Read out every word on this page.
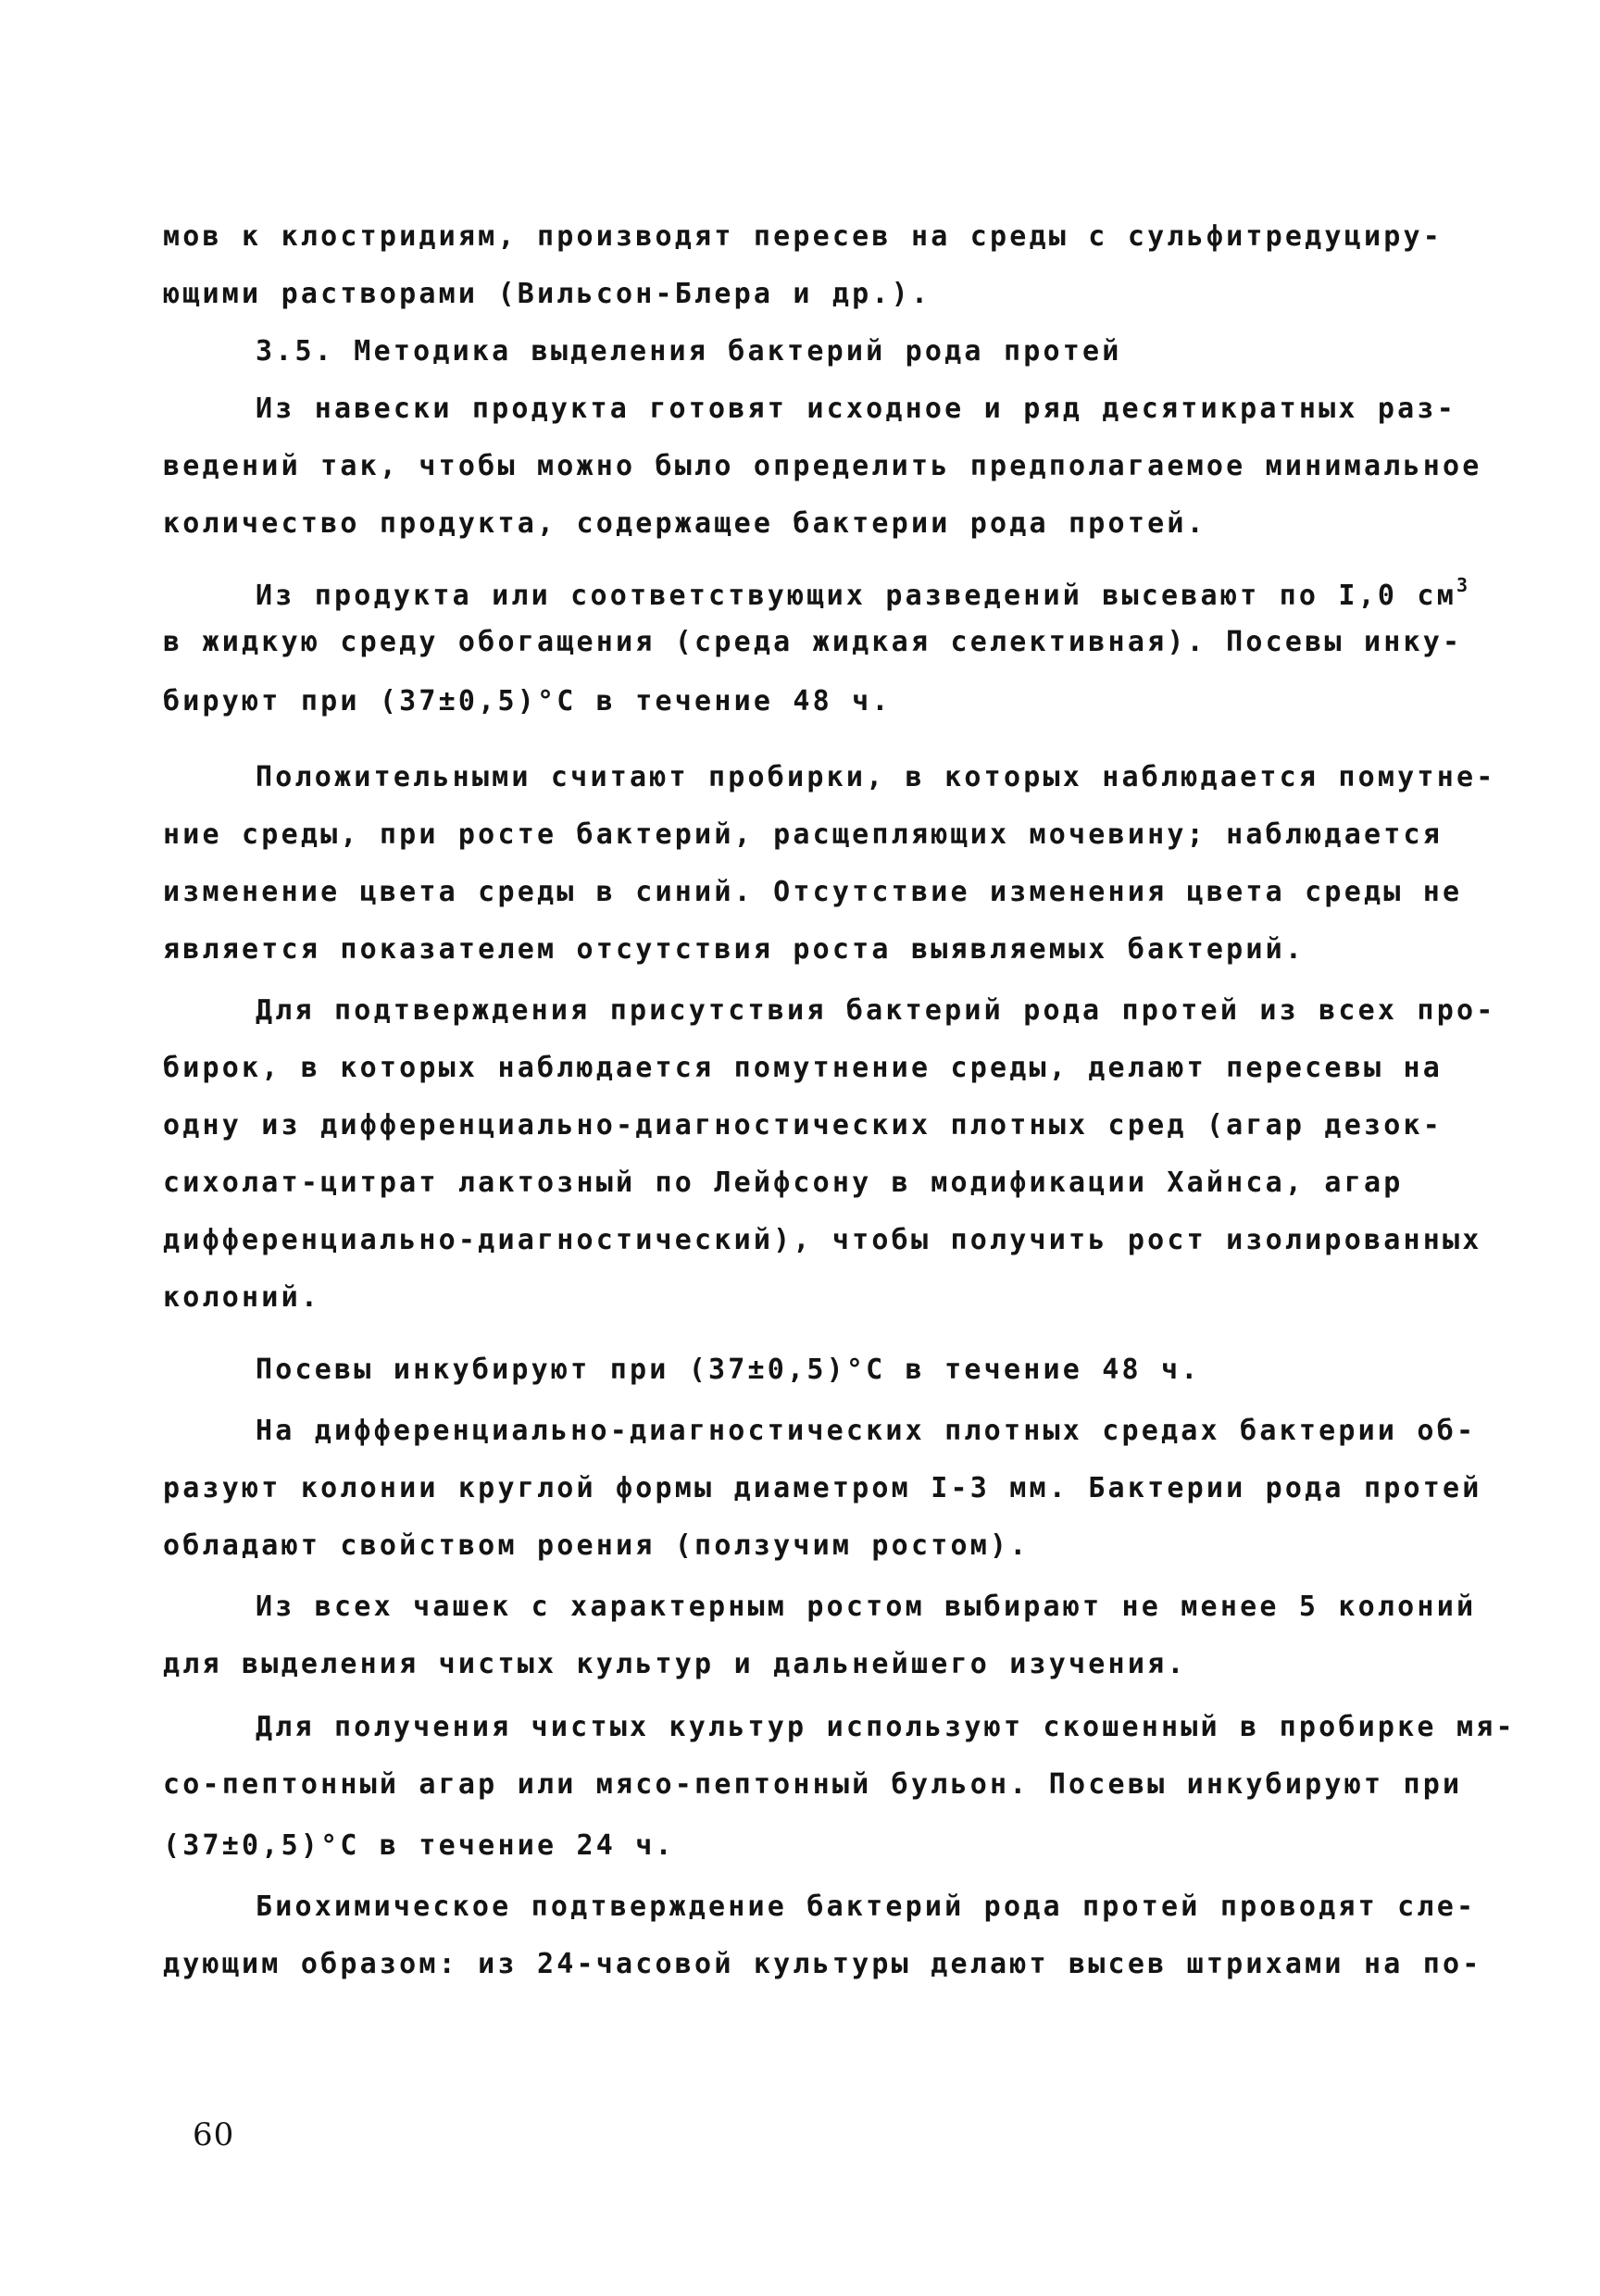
мов к клостридиям, производят пересев на среды с сульфитредуциру-
ющими растворами (Вильсон-Блера и др.).
3.5. Методика выделения бактерий рода протей
Из навески продукта готовят исходное и ряд десятикратных раз-
ведений так, чтобы можно было определить предполагаемое минимальное
количество продукта, содержащее бактерии рода протей.
Из продукта или соответствующих разведений высевают по I,0 $см^3$
в жидкую среду обогащения (среда жидкая селективная). Посевы инку-
бируют при (37±0,5)°С в течение 48 ч.
Положительными считают пробирки, в которых наблюдается помутне-
ние среды, при росте бактерий, расщепляющих мочевину; наблюдается
изменение цвета среды в синий. Отсутствие изменения цвета среды не
является показателем отсутствия роста выявляемых бактерий.
Для подтверждения присутствия бактерий рода протей из всех про-
бирок, в которых наблюдается помутнение среды, делают пересевы на
одну из дифференциально-диагностических плотных сред (агар дезок-
сихолат-цитрат лактозный по Лейфсону в модификации Хайнса, агар
дифференциально-диагностический), чтобы получить рост изолированных
колоний.
Посевы инкубируют при (37±0,5)°С в течение 48 ч.
На дифференциально-диагностических плотных средах бактерии об-
разуют колонии круглой формы диаметром I-3 мм. Бактерии рода протей
обладают свойством роения (ползучим ростом).
Из всех чашек с характерным ростом выбирают не менее 5 колоний
для выделения чистых культур и дальнейшего изучения.
Для получения чистых культур используют скошенный в пробирке мя-
со-пептонный агар или мясо-пептонный бульон. Посевы инкубируют при
(37±0,5)°С в течение 24 ч.
Биохимическое подтверждение бактерий рода протей проводят сле-
дующим образом: из 24-часовой культуры делают высев штрихами на по-
60
